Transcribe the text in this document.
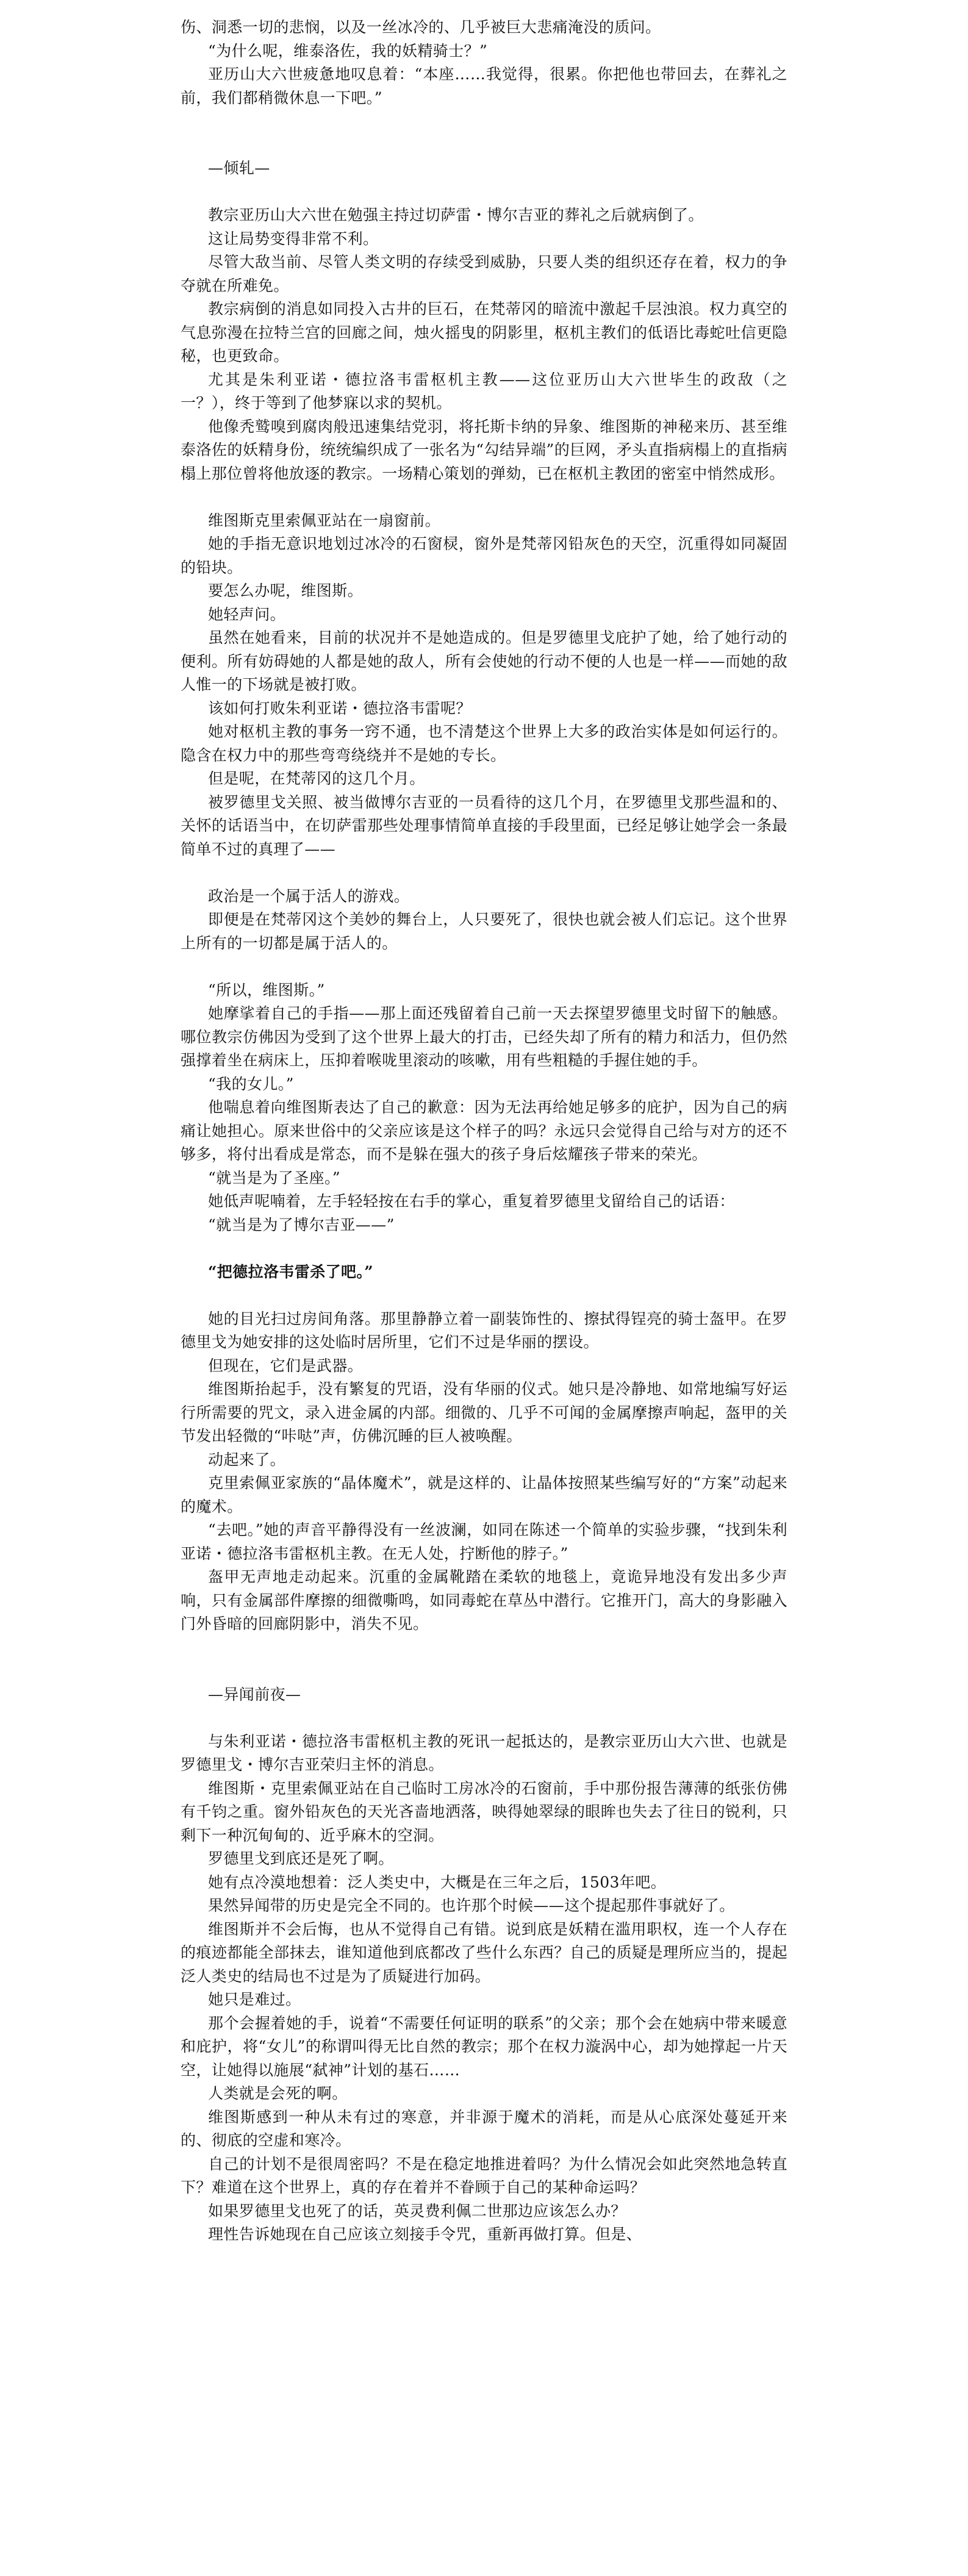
伤、洞悉一切的悲悯，以及一丝冰冷的、几乎被巨大悲痛淹没的质问。

“为什么呢，维泰洛佐，我的妖精骑士？”

亚历山大六世疲惫地叹息着：“本座……我觉得，很累。你把他也带回去，在葬礼之前，我们都稍微休息一下吧。”

—倾轧—

教宗亚历山大六世在勉强主持过切萨雷・博尔吉亚的葬礼之后就病倒了。

这让局势变得非常不利。

尽管大敌当前、尽管人类文明的存续受到威胁，只要人类的组织还存在着，权力的争夺就在所难免。

教宗病倒的消息如同投入古井的巨石，在梵蒂冈的暗流中激起千层浊浪。权力真空的气息弥漫在拉特兰宫的回廊之间，烛火摇曳的阴影里，枢机主教们的低语比毒蛇吐信更隐秘，也更致命。

尤其是朱利亚诺・德拉洛韦雷枢机主教——这位亚历山大六世毕生的政敌（之一？），终于等到了他梦寐以求的契机。

他像秃鹫嗅到腐肉般迅速集结党羽，将托斯卡纳的异象、维图斯的神秘来历、甚至维泰洛佐的妖精身份，统统编织成了一张名为“勾结异端”的巨网，矛头直指病榻上的直指病榻上那位曾将他放逐的教宗。一场精心策划的弹劾，已在枢机主教团的密室中悄然成形。

维图斯克里索佩亚站在一扇窗前。

她的手指无意识地划过冰冷的石窗棂，窗外是梵蒂冈铅灰色的天空，沉重得如同凝固的铅块。

要怎么办呢，维图斯。

她轻声问。

虽然在她看来，目前的状况并不是她造成的。但是罗德里戈庇护了她，给了她行动的便利。所有妨碍她的人都是她的敌人，所有会使她的行动不便的人也是一样——而她的敌人惟一的下场就是被打败。

该如何打败朱利亚诺・德拉洛韦雷呢？

她对枢机主教的事务一窍不通，也不清楚这个世界上大多的政治实体是如何运行的。隐含在权力中的那些弯弯绕绕并不是她的专长。

但是呢，在梵蒂冈的这几个月。

被罗德里戈关照、被当做博尔吉亚的一员看待的这几个月，在罗德里戈那些温和的、关怀的话语当中，在切萨雷那些处理事情简单直接的手段里面，已经足够让她学会一条最简单不过的真理了——

政治是一个属于活人的游戏。

即便是在梵蒂冈这个美妙的舞台上，人只要死了，很快也就会被人们忘记。这个世界上所有的一切都是属于活人的。

“所以，维图斯。”

她摩挲着自己的手指——那上面还残留着自己前一天去探望罗德里戈时留下的触感。哪位教宗仿佛因为受到了这个世界上最大的打击，已经失却了所有的精力和活力，但仍然强撑着坐在病床上，压抑着喉咙里滚动的咳嗽，用有些粗糙的手握住她的手。

“我的女儿。”

他喘息着向维图斯表达了自己的歉意：因为无法再给她足够多的庇护，因为自己的病痛让她担心。原来世俗中的父亲应该是这个样子的吗？永远只会觉得自己给与对方的还不够多，将付出看成是常态，而不是躲在强大的孩子身后炫耀孩子带来的荣光。

“就当是为了圣座。”

她低声呢喃着，左手轻轻按在右手的掌心，重复着罗德里戈留给自己的话语：

“就当是为了博尔吉亚——”

“把德拉洛韦雷杀了吧。”

她的目光扫过房间角落。那里静静立着一副装饰性的、擦拭得锃亮的骑士盔甲。在罗德里戈为她安排的这处临时居所里，它们不过是华丽的摆设。

但现在，它们是武器。

维图斯抬起手，没有繁复的咒语，没有华丽的仪式。她只是冷静地、如常地编写好运行所需要的咒文，录入进金属的内部。细微的、几乎不可闻的金属摩擦声响起，盔甲的关节发出轻微的“咔哒”声，仿佛沉睡的巨人被唤醒。

动起来了。

克里索佩亚家族的“晶体魔术”，就是这样的、让晶体按照某些编写好的“方案”动起来的魔术。

“去吧。”她的声音平静得没有一丝波澜，如同在陈述一个简单的实验步骤，“找到朱利亚诺・德拉洛韦雷枢机主教。在无人处，拧断他的脖子。”

盔甲无声地走动起来。沉重的金属靴踏在柔软的地毯上，竟诡异地没有发出多少声响，只有金属部件摩擦的细微嘶鸣，如同毒蛇在草丛中潜行。它推开门，高大的身影融入门外昏暗的回廊阴影中，消失不见。

—异闻前夜—

与朱利亚诺・德拉洛韦雷枢机主教的死讯一起抵达的，是教宗亚历山大六世、也就是罗德里戈・博尔吉亚荣归主怀的消息。

维图斯・克里索佩亚站在自己临时工房冰冷的石窗前，手中那份报告薄薄的纸张仿佛有千钧之重。窗外铅灰色的天光吝啬地洒落，映得她翠绿的眼眸也失去了往日的锐利，只剩下一种沉甸甸的、近乎麻木的空洞。

罗德里戈到底还是死了啊。

她有点冷漠地想着：泛人类史中，大概是在三年之后，1503年吧。

果然异闻带的历史是完全不同的。也许那个时候——这个提起那件事就好了。

维图斯并不会后悔，也从不觉得自己有错。说到底是妖精在滥用职权，连一个人存在的痕迹都能全部抹去，谁知道他到底都改了些什么东西？自己的质疑是理所应当的，提起泛人类史的结局也不过是为了质疑进行加码。

她只是难过。

那个会握着她的手，说着“不需要任何证明的联系”的父亲；那个会在她病中带来暖意和庇护，将“女儿”的称谓叫得无比自然的教宗；那个在权力漩涡中心，却为她撑起一片天空，让她得以施展“弑神”计划的基石……

人类就是会死的啊。

维图斯感到一种从未有过的寒意，并非源于魔术的消耗，而是从心底深处蔓延开来的、彻底的空虚和寒冷。

自己的计划不是很周密吗？不是在稳定地推进着吗？为什么情况会如此突然地急转直下？难道在这个世界上，真的存在着并不眷顾于自己的某种命运吗？

如果罗德里戈也死了的话，英灵费利佩二世那边应该怎么办？

理性告诉她现在自己应该立刻接手令咒，重新再做打算。但是、
